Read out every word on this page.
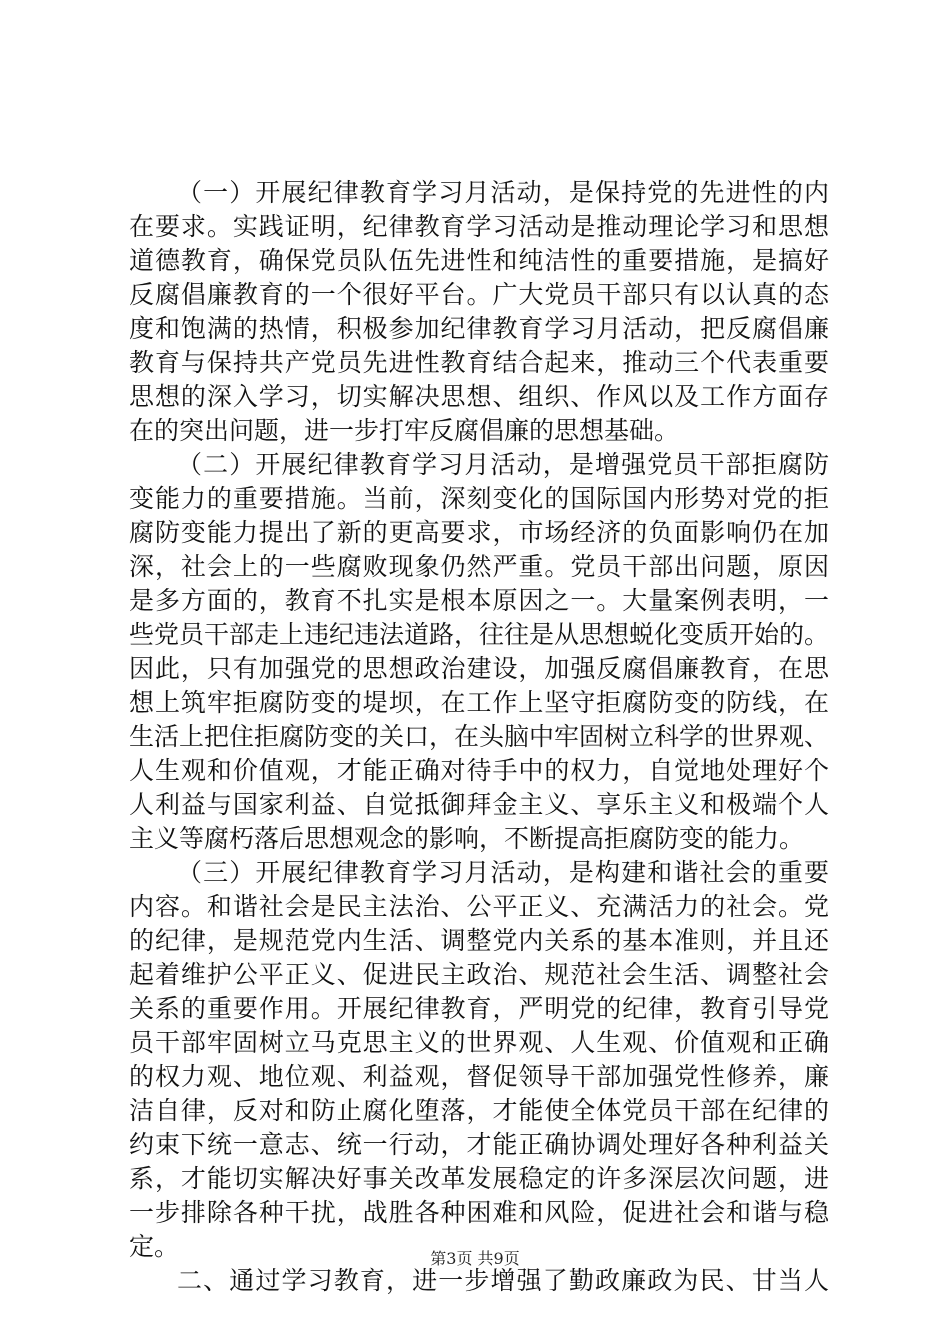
（一）开展纪律教育学习月活动，是保持党的先进性的内
在要求。实践证明，纪律教育学习活动是推动理论学习和思想
道德教育，确保党员队伍先进性和纯洁性的重要措施，是搞好
反腐倡廉教育的一个很好平台。广大党员干部只有以认真的态
度和饱满的热情，积极参加纪律教育学习月活动，把反腐倡廉
教育与保持共产党员先进性教育结合起来，推动三个代表重要
思想的深入学习，切实解决思想、组织、作风以及工作方面存
在的突出问题，进一步打牢反腐倡廉的思想基础。
（二）开展纪律教育学习月活动，是增强党员干部拒腐防
变能力的重要措施。当前，深刻变化的国际国内形势对党的拒
腐防变能力提出了新的更高要求，市场经济的负面影响仍在加
深，社会上的一些腐败现象仍然严重。党员干部出问题，原因
是多方面的，教育不扎实是根本原因之一。大量案例表明，一
些党员干部走上违纪违法道路，往往是从思想蜕化变质开始的。
因此，只有加强党的思想政治建设，加强反腐倡廉教育，在思
想上筑牢拒腐防变的堤坝，在工作上坚守拒腐防变的防线，在
生活上把住拒腐防变的关口，在头脑中牢固树立科学的世界观、
人生观和价值观，才能正确对待手中的权力，自觉地处理好个
人利益与国家利益、自觉抵御拜金主义、享乐主义和极端个人
主义等腐朽落后思想观念的影响，不断提高拒腐防变的能力。
（三）开展纪律教育学习月活动，是构建和谐社会的重要
内容。和谐社会是民主法治、公平正义、充满活力的社会。党
的纪律，是规范党内生活、调整党内关系的基本准则，并且还
起着维护公平正义、促进民主政治、规范社会生活、调整社会
关系的重要作用。开展纪律教育，严明党的纪律，教育引导党
员干部牢固树立马克思主义的世界观、人生观、价值观和正确
的权力观、地位观、利益观，督促领导干部加强党性修养，廉
洁自律，反对和防止腐化堕落，才能使全体党员干部在纪律的
约束下统一意志、统一行动，才能正确协调处理好各种利益关
系，才能切实解决好事关改革发展稳定的许多深层次问题，进
一步排除各种干扰，战胜各种困难和风险，促进社会和谐与稳
定。
二、通过学习教育，进一步增强了勤政廉政为民、甘当人
第3页 共9页
